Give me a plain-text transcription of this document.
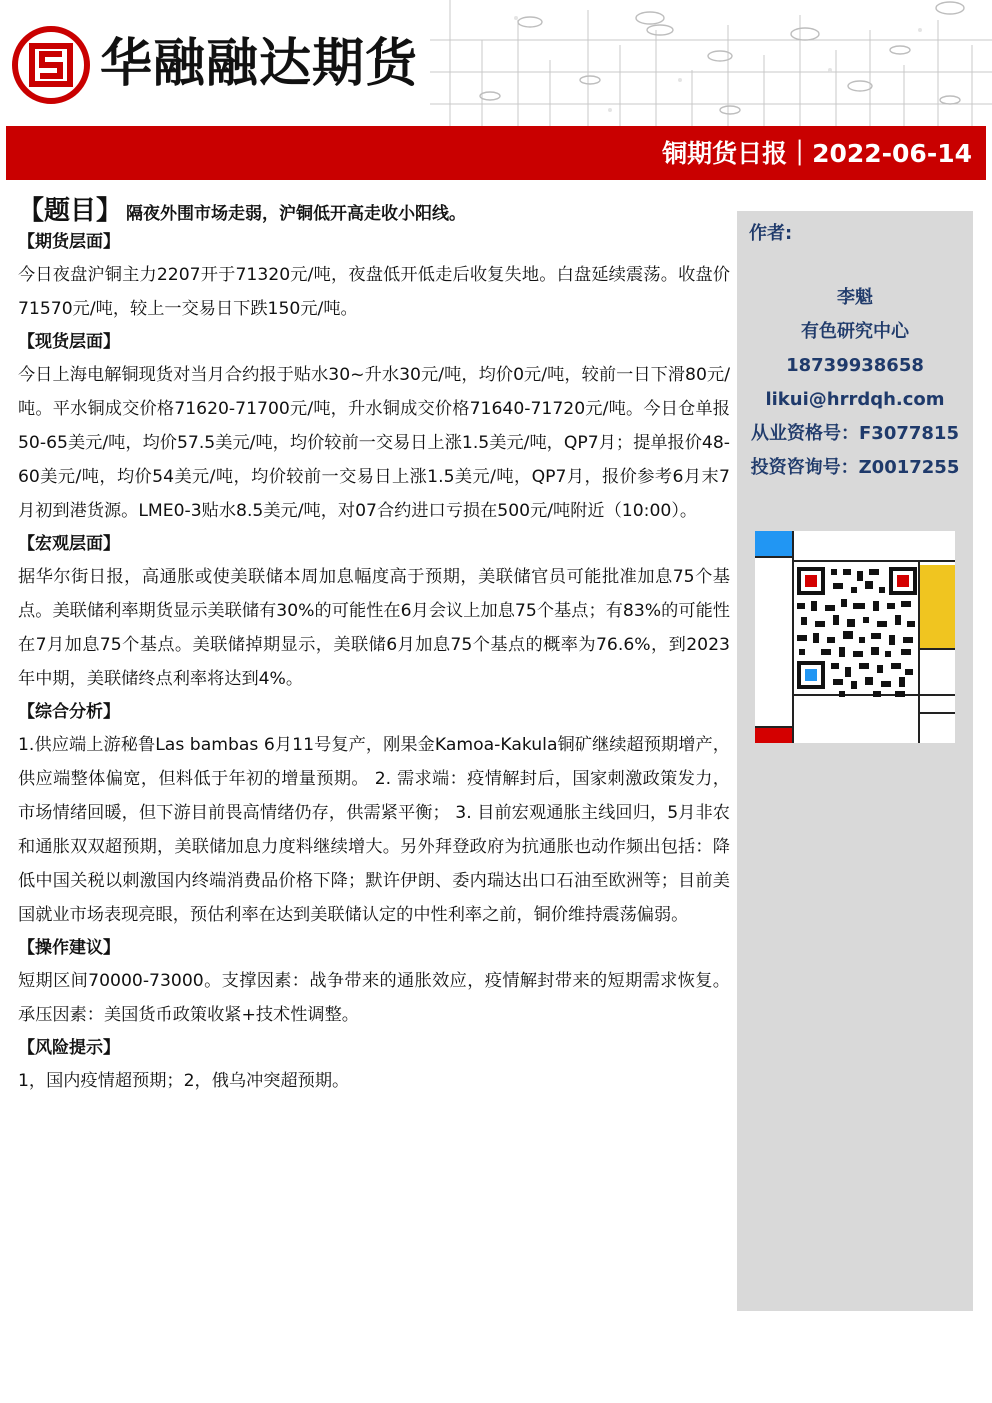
华融融达期货
铜期货日报｜2022-06-14
【题目】 隔夜外围市场走弱，沪铜低开高走收小阳线。

【期货层面】

今日夜盘沪铜主力2207开于71320元/吨，夜盘低开低走后收复失地。白盘延续震荡。收盘价71570元/吨，较上一交易日下跌150元/吨。

【现货层面】

今日上海电解铜现货对当月合约报于贴水30~升水30元/吨，均价0元/吨，较前一日下滑80元/吨。平水铜成交价格71620-71700元/吨，升水铜成交价格71640-71720元/吨。今日仓单报50-65美元/吨，均价57.5美元/吨，均价较前一交易日上涨1.5美元/吨，QP7月；提单报价48-60美元/吨，均价54美元/吨，均价较前一交易日上涨1.5美元/吨，QP7月，报价参考6月末7月初到港货源。LME0-3贴水8.5美元/吨，对07合约进口亏损在500元/吨附近（10:00）。

【宏观层面】

据华尔街日报，高通胀或使美联储本周加息幅度高于预期，美联储官员可能批准加息75个基点。美联储利率期货显示美联储有30%的可能性在6月会议上加息75个基点；有83%的可能性在7月加息75个基点。美联储掉期显示，美联储6月加息75个基点的概率为76.6%，到2023年中期，美联储终点利率将达到4%。

【综合分析】

1.供应端上游秘鲁Las bambas 6月11号复产，刚果金Kamoa-Kakula铜矿继续超预期增产，供应端整体偏宽，但料低于年初的增量预期。 2. 需求端：疫情解封后，国家刺激政策发力，市场情绪回暖，但下游目前畏高情绪仍存，供需紧平衡； 3. 目前宏观通胀主线回归，5月非农和通胀双双超预期，美联储加息力度料继续增大。另外拜登政府为抗通胀也动作频出包括：降低中国关税以刺激国内终端消费品价格下降；默许伊朗、委内瑞达出口石油至欧洲等；目前美国就业市场表现亮眼，预估利率在达到美联储认定的中性利率之前，铜价维持震荡偏弱。

【操作建议】

短期区间70000-73000。支撑因素：战争带来的通胀效应，疫情解封带来的短期需求恢复。承压因素：美国货币政策收紧+技术性调整。

【风险提示】

1，国内疫情超预期；2，俄乌冲突超预期。

作者:
李魁
有色研究中心
18739938658
likui@hrrdqh.com
从业资格号：F3077815
投资咨询号：Z0017255
